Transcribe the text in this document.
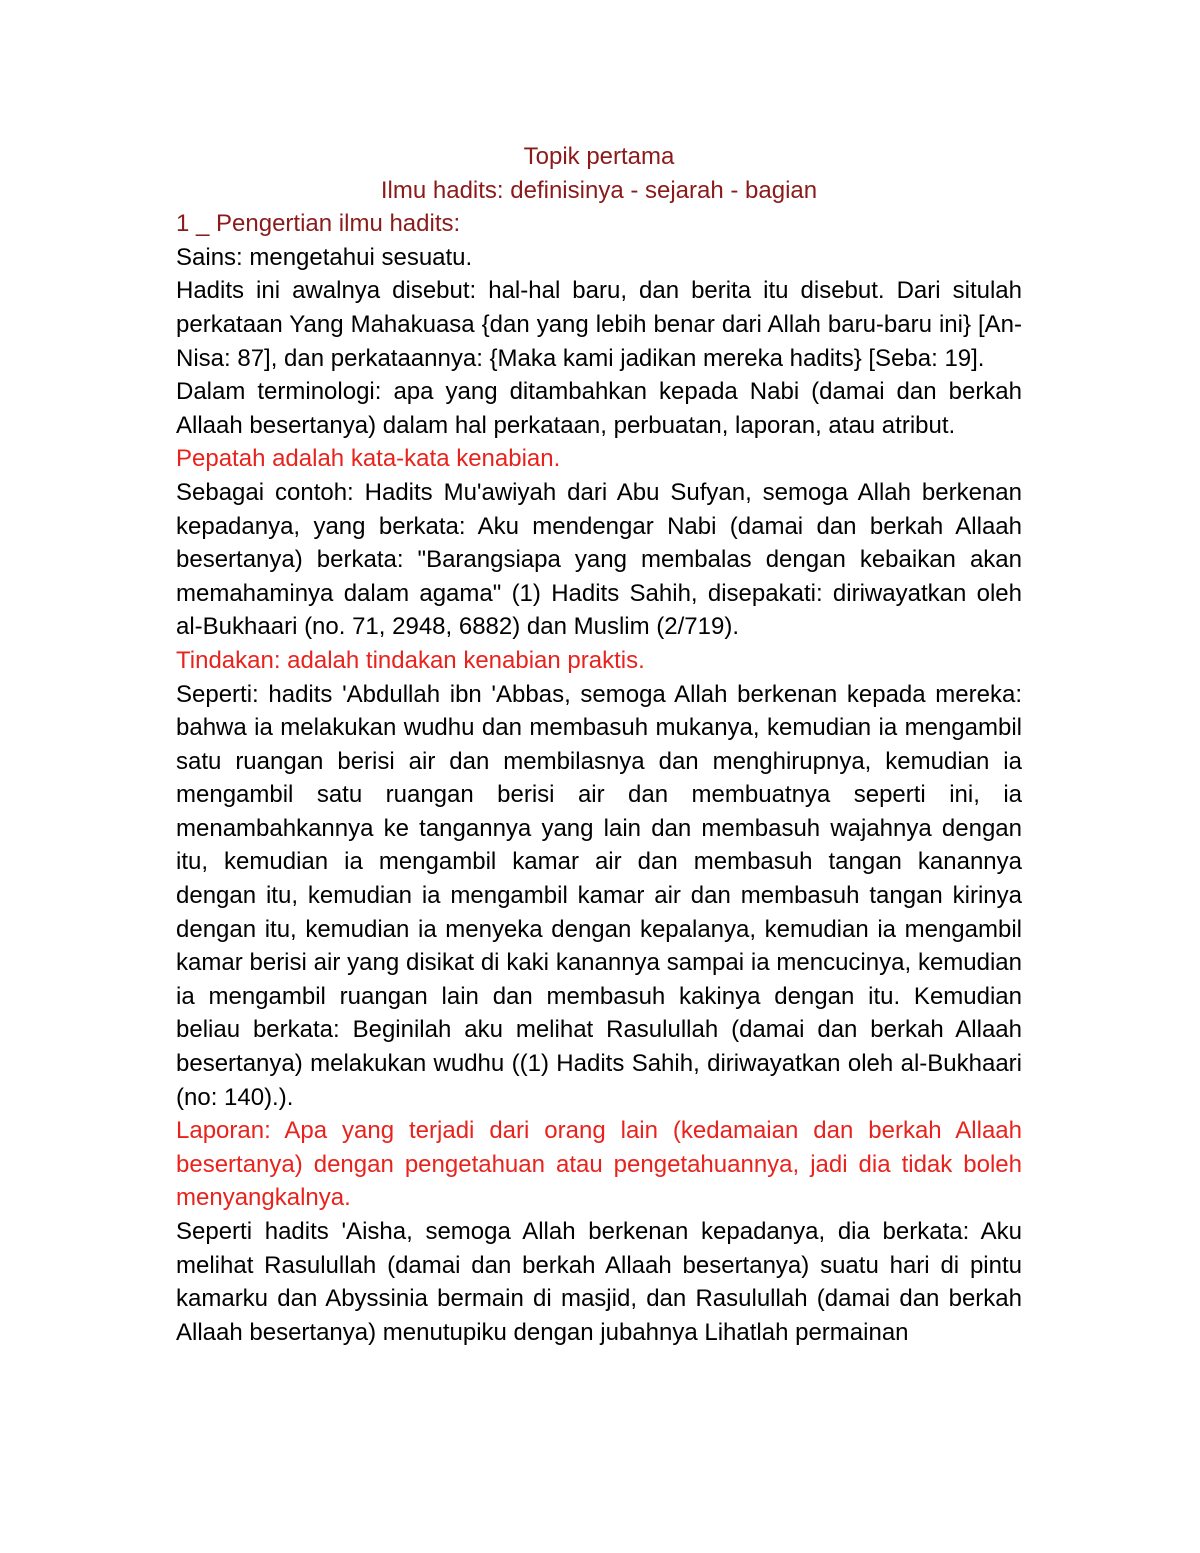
Topik pertama
Ilmu hadits: definisinya - sejarah - bagian
1 _ Pengertian ilmu hadits:

Sains: mengetahui sesuatu.

Hadits ini awalnya disebut: hal-hal baru, dan berita itu disebut. Dari situlah perkataan Yang Mahakuasa {dan yang lebih benar dari Allah baru-baru ini} [An-Nisa: 87], dan perkataannya: {Maka kami jadikan mereka hadits} [Seba: 19].

Dalam terminologi: apa yang ditambahkan kepada Nabi (damai dan berkah Allaah besertanya) dalam hal perkataan, perbuatan, laporan, atau atribut.

Pepatah adalah kata-kata kenabian.

Sebagai contoh: Hadits Mu'awiyah dari Abu Sufyan, semoga Allah berkenan kepadanya, yang berkata: Aku mendengar Nabi (damai dan berkah Allaah besertanya) berkata: "Barangsiapa yang membalas dengan kebaikan akan memahaminya dalam agama" (1) Hadits Sahih, disepakati: diriwayatkan oleh al-Bukhaari (no. 71, 2948, 6882) dan Muslim (2/719).

Tindakan: adalah tindakan kenabian praktis.

Seperti: hadits 'Abdullah ibn 'Abbas, semoga Allah berkenan kepada mereka: bahwa ia melakukan wudhu dan membasuh mukanya, kemudian ia mengambil satu ruangan berisi air dan membilasnya dan menghirupnya, kemudian ia mengambil satu ruangan berisi air dan membuatnya seperti ini, ia menambahkannya ke tangannya yang lain dan membasuh wajahnya dengan itu, kemudian ia mengambil kamar air dan membasuh tangan kanannya dengan itu, kemudian ia mengambil kamar air dan membasuh tangan kirinya dengan itu, kemudian ia menyeka dengan kepalanya, kemudian ia mengambil kamar berisi air yang disikat di kaki kanannya sampai ia mencucinya, kemudian ia mengambil ruangan lain dan membasuh kakinya dengan itu. Kemudian beliau berkata: Beginilah aku melihat Rasulullah (damai dan berkah Allaah besertanya) melakukan wudhu ((1) Hadits Sahih, diriwayatkan oleh al-Bukhaari (no: 140).).

Laporan: Apa yang terjadi dari orang lain (kedamaian dan berkah Allaah besertanya) dengan pengetahuan atau pengetahuannya, jadi dia tidak boleh menyangkalnya.

Seperti hadits 'Aisha, semoga Allah berkenan kepadanya, dia berkata: Aku melihat Rasulullah (damai dan berkah Allaah besertanya) suatu hari di pintu kamarku dan Abyssinia bermain di masjid, dan Rasulullah (damai dan berkah Allaah besertanya) menutupiku dengan jubahnya Lihatlah permainan
